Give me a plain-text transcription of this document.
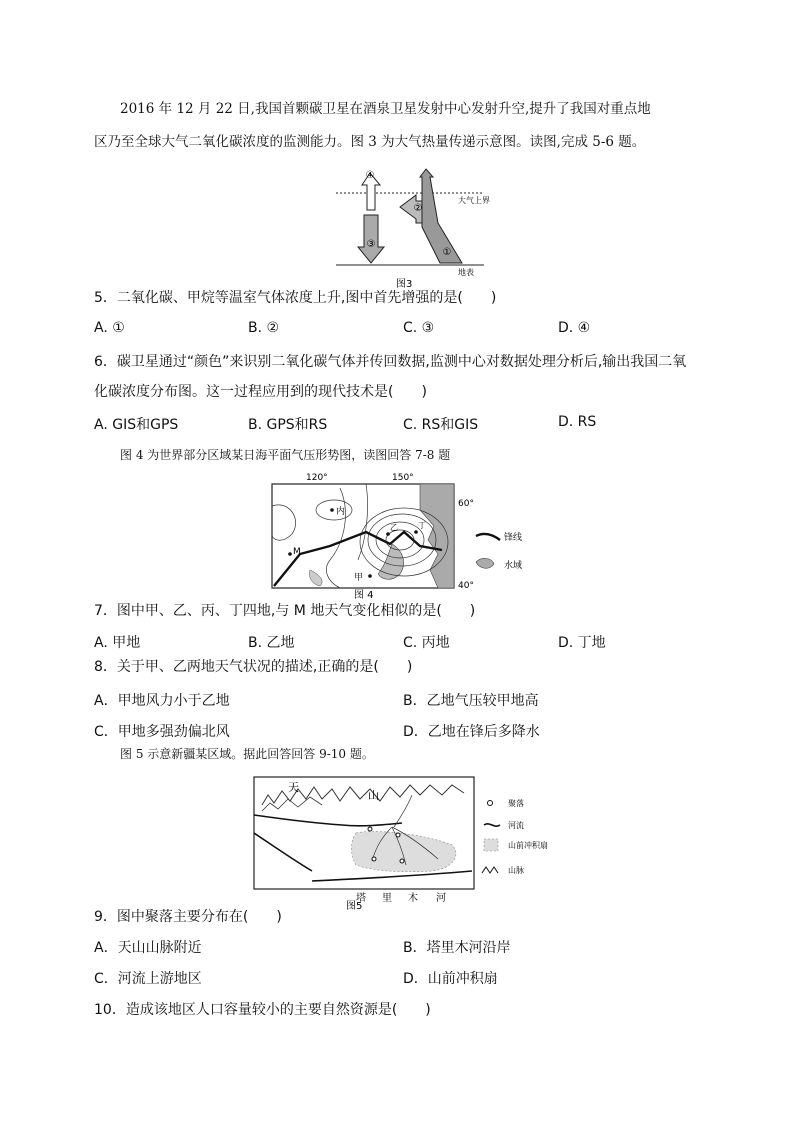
2016 年 12 月 22 日,我国首颗碳卫星在酒泉卫星发射中心发射升空,提升了我国对重点地
区乃至全球大气二氧化碳浓度的监测能力。图 3 为大气热量传递示意图。读图,完成 5-6 题。
④
③
②
①
大气上界
地表
图3
5．二氧化碳、甲烷等温室气体浓度上升,图中首先增强的是(　　)
A. ①	B. ②	C. ③	D. ④
6．碳卫星通过“颜色”来识别二氧化碳气体并传回数据,监测中心对数据处理分析后,输出我国二氧
化碳浓度分布图。这一过程应用到的现代技术是(　　)
A. GIS和GPS	B. GPS和RS	C. RS和GIS	D. RS
图 4 为世界部分区域某日海平面气压形势图，读图回答 7-8 题
120°	150°
内
M
甲
乙	丁
60°
40°
锋线
水域
图 4
7．图中甲、乙、丙、丁四地,与 M 地天气变化相似的是(　　)
A. 甲地	B. 乙地	C. 丙地	D. 丁地
8．关于甲、乙两地天气状况的描述,正确的是(　　)
A．甲地风力小于乙地	B．乙地气压较甲地高
C．甲地多强劲偏北风	D．乙地在锋后多降水
图 5 示意新疆某区域。据此回答回答 9-10 题。
天
山
塔 里 木 河
聚落
河流
山前冲积扇
山脉
图5
9．图中聚落主要分布在(　　)
A．天山山脉附近	B．塔里木河沿岸
C．河流上游地区	D．山前冲积扇
10．造成该地区人口容量较小的主要自然资源是(　　)
